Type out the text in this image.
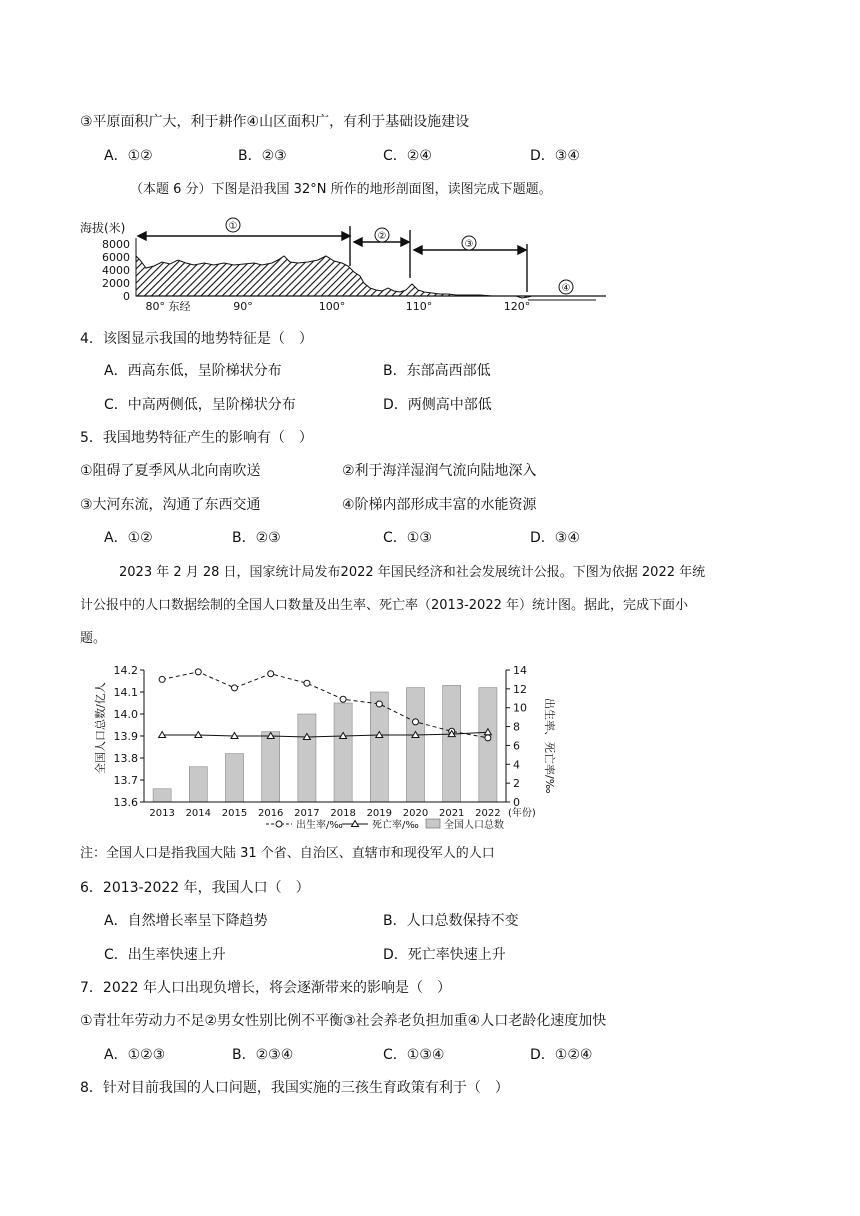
③平原面积广大，利于耕作④山区面积广，有利于基础设施建设
A．①②	B．②③	C．②④	D．③④
（本题 6 分）下图是沿我国 32°N 所作的地形剖面图，读图完成下题题。
海拔(米)
8000
6000
4000
2000
0
①
②
③
④
80° 东经	90°	100°	110°	120°
4．该图显示我国的地势特征是（　）
A．西高东低，呈阶梯状分布	B．东部高西部低
C．中高两侧低，呈阶梯状分布	D．两侧高中部低
5．我国地势特征产生的影响有（　）
①阻碍了夏季风从北向南吹送	②利于海洋湿润气流向陆地深入
③大河东流，沟通了东西交通	④阶梯内部形成丰富的水能资源
A．①②	B．②③	C．①③	D．③④
2023 年 2 月 28 日，国家统计局发布2022 年国民经济和社会发展统计公报。下图为依据 2022 年统
计公报中的人口数据绘制的全国人口数量及出生率、死亡率（2013-2022 年）统计图。据此，完成下面小
题。
13.6
13.7
13.8
13.9
14.0
14.1
14.2
0
2
4
6
8
10
12
14
2013 2014 2015 2016 2017 2018 2019 2020 2021 2022 (年份)
全国人口总数/亿人	出生率、死亡率/‰
出生率/‰	死亡率/‰	全国人口总数
注：全国人口是指我国大陆 31 个省、自治区、直辖市和现役军人的人口
6．2013-2022 年，我国人口（　）
A．自然增长率呈下降趋势	B．人口总数保持不变
C．出生率快速上升	D．死亡率快速上升
7．2022 年人口出现负增长，将会逐渐带来的影响是（　）
①青壮年劳动力不足②男女性别比例不平衡③社会养老负担加重④人口老龄化速度加快
A．①②③	B．②③④	C．①③④	D．①②④
8．针对目前我国的人口问题，我国实施的三孩生育政策有利于（　）
